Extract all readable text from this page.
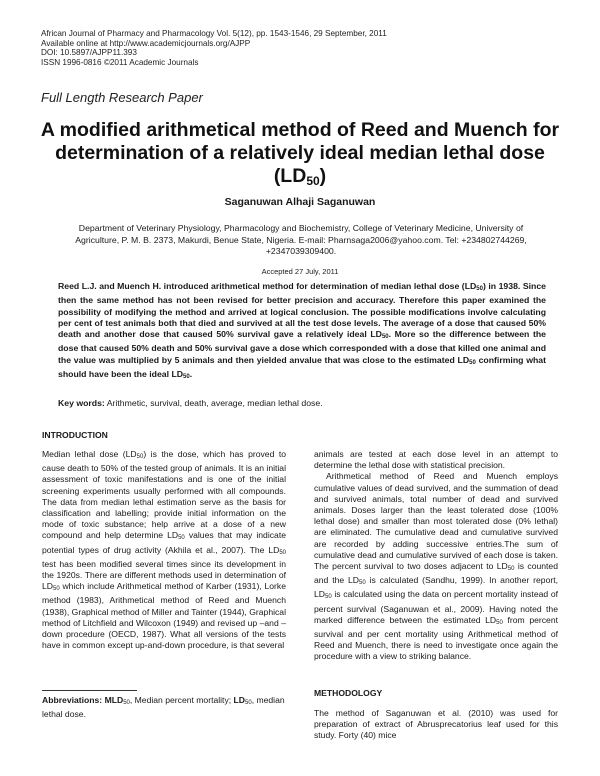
African Journal of Pharmacy and Pharmacology Vol. 5(12), pp. 1543-1546, 29 September, 2011
Available online at http://www.academicjournals.org/AJPP
DOI: 10.5897/AJPP11.393
ISSN 1996-0816 ©2011 Academic Journals
Full Length Research Paper
A modified arithmetical method of Reed and Muench for
determination of a relatively ideal median lethal dose
$(LD_{50})$
Saganuwan Alhaji Saganuwan
Department of Veterinary Physiology, Pharmacology and Biochemistry, College of Veterinary Medicine, University of
Agriculture, P. M. B. 2373, Makurdi, Benue State, Nigeria. E-mail: Pharnsaga2006@yahoo.com. Tel: +234802744269,
+2347039309400.
Accepted 27 July, 2011
Reed L.J. and Muench H. introduced arithmetical method for determination of median lethal dose $(LD_{50})$ in 1938. Since then the same method has not been revised for better precision and accuracy. Therefore this paper examined the possibility of modifying the method and arrived at logical conclusion. The possible modifications involve calculating per cent of test animals both that died and survived at all the test dose levels. The average of a dose that caused 50% death and another dose that caused 50% survival gave a relatively ideal $LD_{50}$. More so the difference between the dose that caused 50% death and 50% survival gave a dose which corresponded with a dose that killed one animal and the value was multiplied by 5 animals and then yielded anvalue that was close to the estimated $LD_{50}$ confirming what should have been the ideal $LD_{50}$.
Key words: Arithmetic, survival, death, average, median lethal dose.
INTRODUCTION

Median lethal dose $(LD_{50})$ is the dose, which has proved to cause death to 50% of the tested group of animals. It is an initial assessment of toxic manifestations and is one of the initial screening experiments usually performed with all compounds. The data from median lethal estimation serve as the basis for classification and labelling; provide initial information on the mode of toxic substance; help arrive at a dose of a new compound and help determine $LD_{50}$ values that may indicate potential types of drug activity (Akhila et al., 2007). The $LD_{50}$ test has been modified several times since its development in the 1920s. There are different methods used in determination of $LD_{50}$ which include Arithmetical method of Karber (1931), Lorke method (1983), Arithmetical method of Reed and Muench (1938), Graphical method of Miller and Tainter (1944), Graphical method of Litchfield and Wilcoxon (1949) and revised up –and –down procedure (OECD, 1987). What all versions of the tests have in common except up-and-down procedure, is that several

animals are tested at each dose level in an attempt to determine the lethal dose with statistical precision.

Arithmetical method of Reed and Muench employs cumulative values of dead survived, and the summation of dead and survived animals, total number of dead and survived animals. Doses larger than the least tolerated dose (100% lethal dose) and smaller than most tolerated dose (0% lethal) are eliminated. The cumulative dead and cumulative survived are recorded by adding successive entries.The sum of cumulative dead and cumulative survived of each dose is taken. The percent survival to two doses adjacent to $LD_{50}$ is counted and the $LD_{50}$ is calculated (Sandhu, 1999). In another report, $LD_{50}$ is calculated using the data on percent mortality instead of percent survival (Saganuwan et al., 2009). Having noted the marked difference between the estimated $LD_{50}$ from percent survival and per cent mortality using Arithmetical method of Reed and Muench, there is need to investigate once again the procedure with a view to striking balance.

METHODOLOGY
The method of Saganuwan et al. (2010) was used for preparation of extract of Abrusprecatorius leaf used for this study. Forty (40) mice
Abbreviations: $MLD_{50}$, Median percent mortality; $LD_{50}$, median lethal dose.
